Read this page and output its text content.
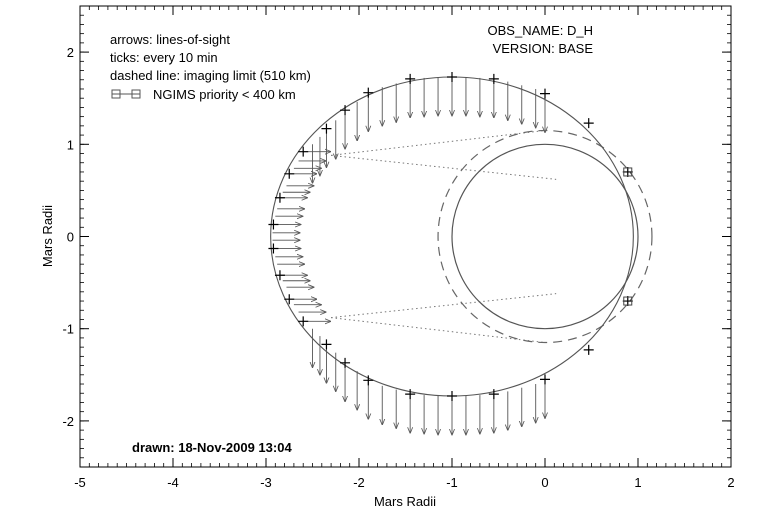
-5	-4	-3	-2	-1	0	1	2
-2
-1
0
1
2
Mars Radii
Mars Radii
arrows: lines-of-sight
ticks: every 10 min
dashed line: imaging limit (510 km)
NGIMS priority < 400 km
OBS_NAME: D_H
VERSION: BASE
drawn: 18-Nov-2009 13:04
